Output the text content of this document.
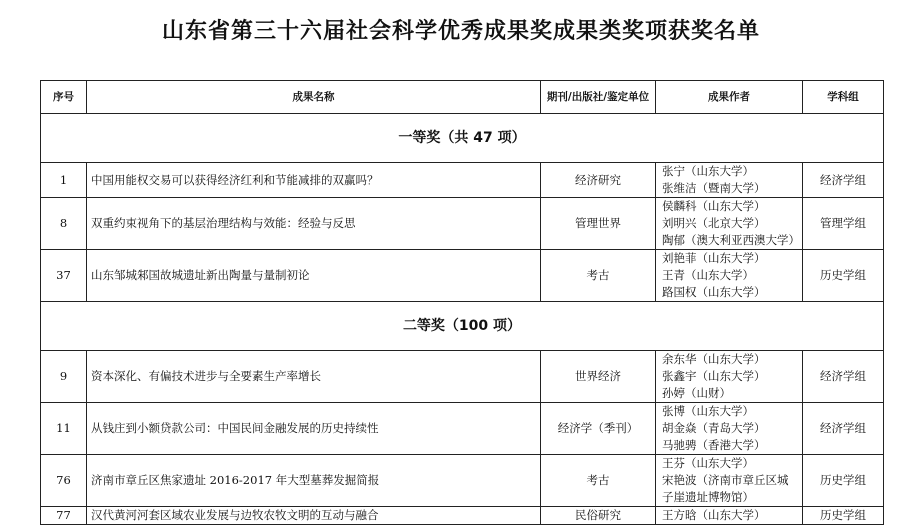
山东省第三十六届社会科学优秀成果奖成果类奖项获奖名单
序号	成果名称	期刊/出版社/鉴定单位	成果作者	学科组
一等奖（共 47 项）				
1	中国用能权交易可以获得经济红利和节能减排的双赢吗？	经济研究	张宁（山东大学）
张维洁（暨南大学）	经济学组
8	双重约束视角下的基层治理结构与效能：经验与反思	管理世界	侯麟科（山东大学）
刘明兴（北京大学）
陶郁（澳大利亚西澳大学）	管理学组
37	山东邹城邾国故城遗址新出陶量与量制初论	考古	刘艳菲（山东大学）
王青（山东大学）
路国权（山东大学）	历史学组
二等奖（100 项）				
9	资本深化、有偏技术进步与全要素生产率增长	世界经济	余东华（山东大学）
张鑫宇（山东大学）
孙婷（山财）	经济学组
11	从钱庄到小额贷款公司：中国民间金融发展的历史持续性	经济学（季刊）	张博（山东大学）
胡金焱（青岛大学）
马驰骋（香港大学）	经济学组
76	济南市章丘区焦家遗址 2016-2017 年大型墓葬发掘简报	考古	王芬（山东大学）
宋艳波（济南市章丘区城
子崖遗址博物馆）	历史学组
77	汉代黄河河套区域农业发展与边牧农牧文明的互动与融合	民俗研究	王方晗（山东大学）	历史学组
